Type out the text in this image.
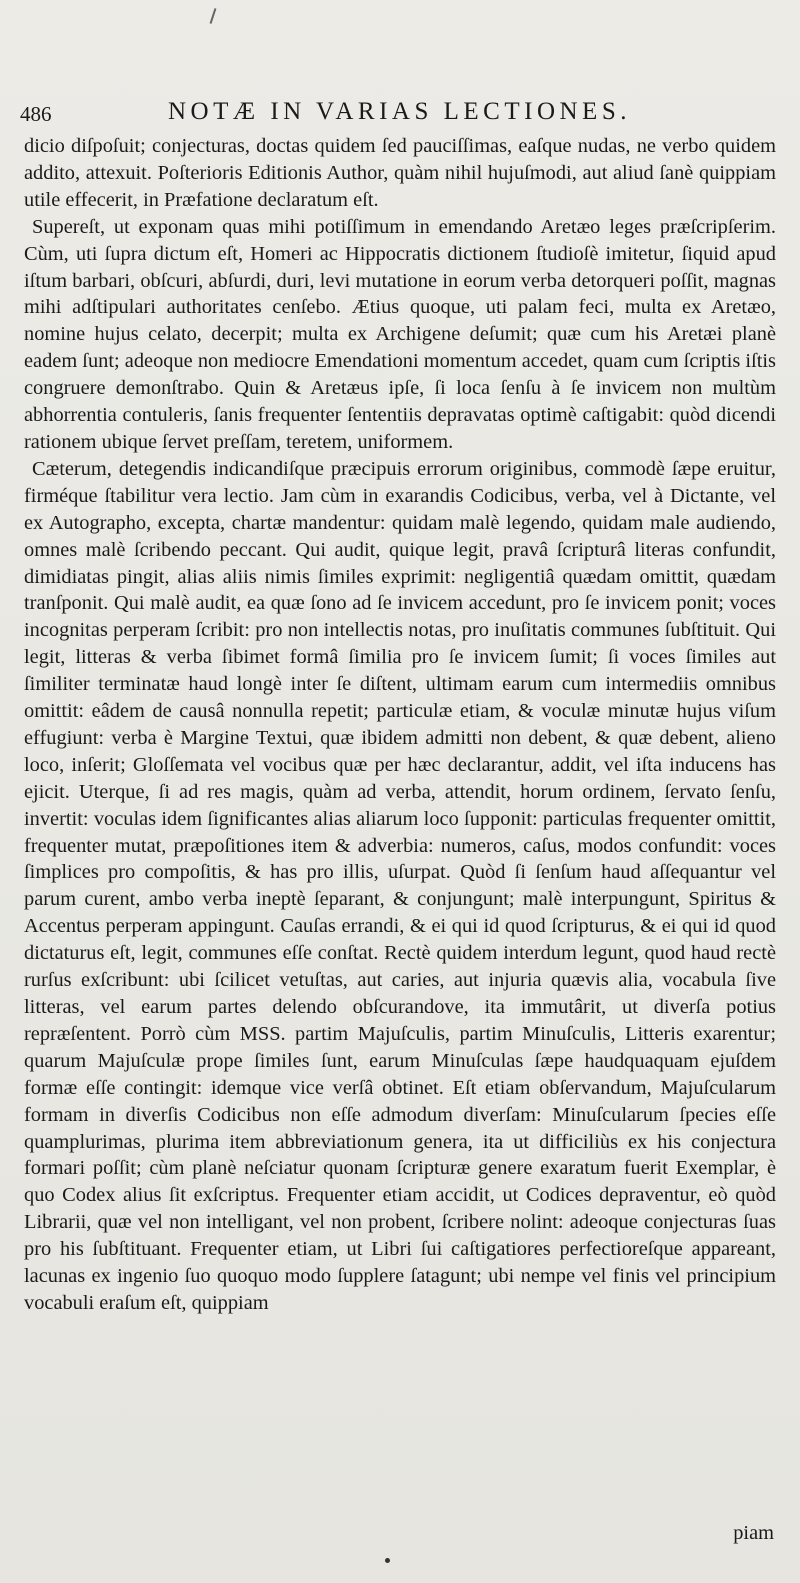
486	NOTÆ IN VARIAS LECTIONES.

dicio diſpoſuit; conjecturas, doctas quidem ſed pauciſſimas, eaſque nudas, ne verbo quidem addito, attexuit. Poſterioris Editionis Author, quàm nihil hujuſmodi, aut aliud ſanè quippiam utile effecerit, in Præfatione declaratum eſt.

Supereſt, ut exponam quas mihi potiſſimum in emendando Aretæo leges præſcripſerim. Cùm, uti ſupra dictum eſt, Homeri ac Hippocratis dictionem ſtudioſè imitetur, ſiquid apud iſtum barbari, obſcuri, abſurdi, duri, levi mutatione in eorum verba detorqueri poſſit, magnas mihi adſtipulari authoritates cenſebo. Ætius quoque, uti palam feci, multa ex Aretæo, nomine hujus celato, decerpit; multa ex Archigene deſumit; quæ cum his Aretæi planè eadem ſunt; adeoque non mediocre Emendationi momentum accedet, quam cum ſcriptis iſtis congruere demonſtrabo. Quin & Aretæus ipſe, ſi loca ſenſu à ſe invicem non multùm abhorrentia contuleris, ſanis frequenter ſententiis depravatas optimè caſtigabit: quòd dicendi rationem ubique ſervet preſſam, teretem, uniformem.

Cæterum, detegendis indicandiſque præcipuis errorum originibus, commodè ſæpe eruitur, firméque ſtabilitur vera lectio. Jam cùm in exarandis Codicibus, verba, vel à Dictante, vel ex Autographo, excepta, chartæ mandentur: quidam malè legendo, quidam male audiendo, omnes malè ſcribendo peccant. Qui audit, quique legit, pravâ ſcripturâ literas confundit, dimidiatas pingit, alias aliis nimis ſimiles exprimit: negligentiâ quædam omittit, quædam tranſponit. Qui malè audit, ea quæ ſono ad ſe invicem accedunt, pro ſe invicem ponit; voces incognitas perperam ſcribit: pro non intellectis notas, pro inuſitatis communes ſubſtituit. Qui legit, litteras & verba ſibimet formâ ſimilia pro ſe invicem ſumit; ſi voces ſimiles aut ſimiliter terminatæ haud longè inter ſe diſtent, ultimam earum cum intermediis omnibus omittit: eâdem de causâ nonnulla repetit; particulæ etiam, & voculæ minutæ hujus viſum effugiunt: verba è Margine Textui, quæ ibidem admitti non debent, & quæ debent, alieno loco, inſerit; Gloſſemata vel vocibus quæ per hæc declarantur, addit, vel iſta inducens has ejicit. Uterque, ſi ad res magis, quàm ad verba, attendit, horum ordinem, ſervato ſenſu, invertit: voculas idem ſignificantes alias aliarum loco ſupponit: particulas frequenter omittit, frequenter mutat, præpoſitiones item & adverbia: numeros, caſus, modos confundit: voces ſimplices pro compoſitis, & has pro illis, uſurpat. Quòd ſi ſenſum haud aſſequantur vel parum curent, ambo verba ineptè ſeparant, & conjungunt; malè interpungunt, Spiritus & Accentus perperam appingunt. Cauſas errandi, & ei qui id quod ſcripturus, & ei qui id quod dictaturus eſt, legit, communes eſſe conſtat. Rectè quidem interdum legunt, quod haud rectè rurſus exſcribunt: ubi ſcilicet vetuſtas, aut caries, aut injuria quævis alia, vocabula ſive litteras, vel earum partes delendo obſcurandove, ita immutârit, ut diverſa potius repræſentent. Porrò cùm MSS. partim Majuſculis, partim Minuſculis, Litteris exarentur; quarum Majuſculæ prope ſimiles ſunt, earum Minuſculas ſæpe haudquaquam ejuſdem formæ eſſe contingit: idemque vice verſâ obtinet. Eſt etiam obſervandum, Majuſcularum formam in diverſis Codicibus non eſſe admodum diverſam: Minuſcularum ſpecies eſſe quamplurimas, plurima item abbreviationum genera, ita ut difficiliùs ex his conjectura formari poſſit; cùm planè neſciatur quonam ſcripturæ genere exaratum fuerit Exemplar, è quo Codex alius ſit exſcriptus. Frequenter etiam accidit, ut Codices depraventur, eò quòd Librarii, quæ vel non intelligant, vel non probent, ſcribere nolint: adeoque conjecturas ſuas pro his ſubſtituant. Frequenter etiam, ut Libri ſui caſtigatiores perfectioreſque appareant, lacunas ex ingenio ſuo quoquo modo ſupplere ſatagunt; ubi nempe vel finis vel principium vocabuli eraſum eſt, quippiam

piam
